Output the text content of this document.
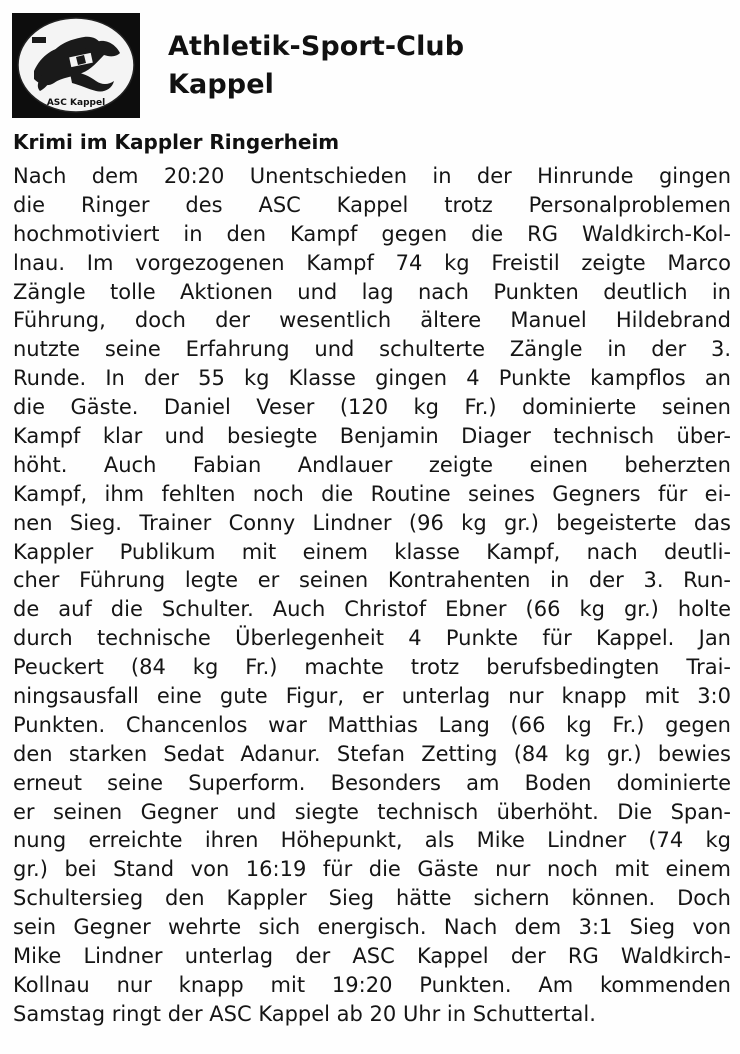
ASC Kappel
Athletik-Sport-Club
Kappel
Krimi im Kappler Ringerheim
Nach dem 20:20 Unentschieden in der Hinrunde gingen
die Ringer des ASC Kappel trotz Personalproblemen
hochmotiviert in den Kampf gegen die RG Waldkirch-Kol-
lnau. Im vorgezogenen Kampf 74 kg Freistil zeigte Marco
Zängle tolle Aktionen und lag nach Punkten deutlich in
Führung, doch der wesentlich ältere Manuel Hildebrand
nutzte seine Erfahrung und schulterte Zängle in der 3.
Runde. In der 55 kg Klasse gingen 4 Punkte kampflos an
die Gäste. Daniel Veser (120 kg Fr.) dominierte seinen
Kampf klar und besiegte Benjamin Diager technisch über-
höht. Auch Fabian Andlauer zeigte einen beherzten
Kampf, ihm fehlten noch die Routine seines Gegners für ei-
nen Sieg. Trainer Conny Lindner (96 kg gr.) begeisterte das
Kappler Publikum mit einem klasse Kampf, nach deutli-
cher Führung legte er seinen Kontrahenten in der 3. Run-
de auf die Schulter. Auch Christof Ebner (66 kg gr.) holte
durch technische Überlegenheit 4 Punkte für Kappel. Jan
Peuckert (84 kg Fr.) machte trotz berufsbedingten Trai-
ningsausfall eine gute Figur, er unterlag nur knapp mit 3:0
Punkten. Chancenlos war Matthias Lang (66 kg Fr.) gegen
den starken Sedat Adanur. Stefan Zetting (84 kg gr.) bewies
erneut seine Superform. Besonders am Boden dominierte
er seinen Gegner und siegte technisch überhöht. Die Span-
nung erreichte ihren Höhepunkt, als Mike Lindner (74 kg
gr.) bei Stand von 16:19 für die Gäste nur noch mit einem
Schultersieg den Kappler Sieg hätte sichern können. Doch
sein Gegner wehrte sich energisch. Nach dem 3:1 Sieg von
Mike Lindner unterlag der ASC Kappel der RG Waldkirch-
Kollnau nur knapp mit 19:20 Punkten. Am kommenden
Samstag ringt der ASC Kappel ab 20 Uhr in Schuttertal.
